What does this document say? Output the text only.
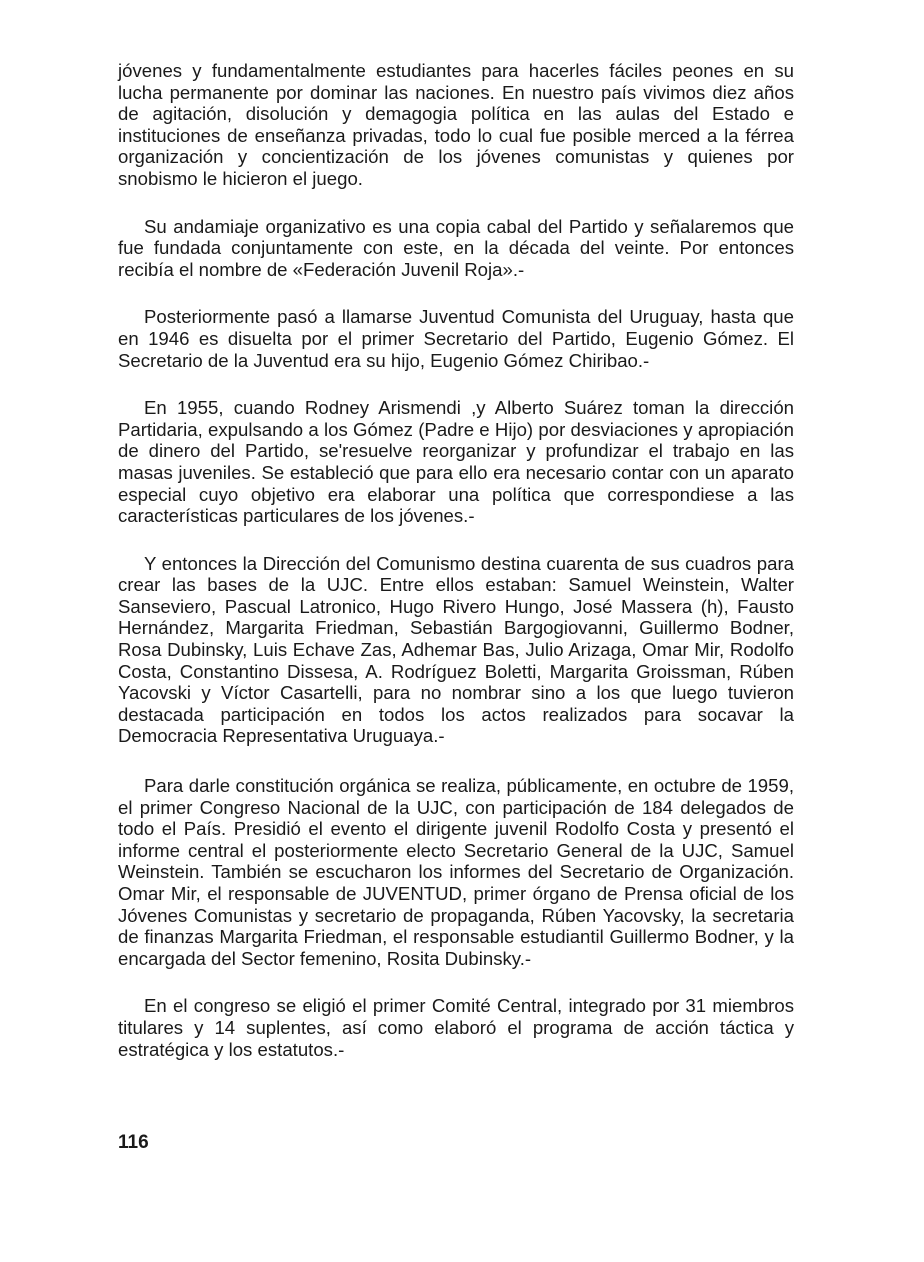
jóvenes y fundamentalmente estudiantes para hacerles fáciles peones en su lucha permanente por dominar las naciones. En nuestro país vivimos diez años de agitación, disolución y demagogia política en las aulas del Estado e instituciones de enseñanza privadas, todo lo cual fue posible merced a la férrea organización y concientización de los jóvenes comunistas y quienes por snobismo le hicieron el juego.

Su andamiaje organizativo es una copia cabal del Partido y señalaremos que fue fundada conjuntamente con este, en la década del veinte. Por entonces recibía el nombre de «Federación Juvenil Roja».-

Posteriormente pasó a llamarse Juventud Comunista del Uruguay, hasta que en 1946 es disuelta por el primer Secretario del Partido, Eugenio Gómez. El Secretario de la Juventud era su hijo, Eugenio Gómez Chiribao.-

En 1955, cuando Rodney Arismendi ,y Alberto Suárez toman la dirección Partidaria, expulsando a los Gómez (Padre e Hijo) por desviaciones y apropiación de dinero del Partido, se'resuelve reorganizar y profundizar el trabajo en las masas juveniles. Se estableció que para ello era necesario contar con un aparato especial cuyo objetivo era elaborar una política que correspondiese a las características particulares de los jóvenes.-

Y entonces la Dirección del Comunismo destina cuarenta de sus cuadros para crear las bases de la UJC. Entre ellos estaban: Samuel Weinstein, Walter Sanseviero, Pascual Latronico, Hugo Rivero Hungo, José Massera (h), Fausto Hernández, Margarita Friedman, Sebastián Bargogiovanni, Guillermo Bodner, Rosa Dubinsky, Luis Echave Zas, Adhemar Bas, Julio Arizaga, Omar Mir, Rodolfo Costa, Constantino Dissesa, A. Rodríguez Boletti, Margarita Groissman, Rúben Yacovski y Víctor Casartelli, para no nombrar sino a los que luego tuvieron destacada participación en todos los actos realizados para socavar la Democracia Representativa Uruguaya.-

Para darle constitución orgánica se realiza, públicamente, en octubre de 1959, el primer Congreso Nacional de la UJC, con participación de 184 delegados de todo el País. Presidió el evento el dirigente juvenil Rodolfo Costa y presentó el informe central el posteriormente electo Secretario General de la UJC, Samuel Weinstein. También se escucharon los informes del Secretario de Organización. Omar Mir, el responsable de JUVENTUD, primer órgano de Prensa oficial de los Jóvenes Comunistas y secretario de propaganda, Rúben Yacovsky, la secretaria de finanzas Margarita Friedman, el responsable estudiantil Guillermo Bodner, y la encargada del Sector femenino, Rosita Dubinsky.-

En el congreso se eligió el primer Comité Central, integrado por 31 miembros titulares y 14 suplentes, así como elaboró el programa de acción táctica y estratégica y los estatutos.-

116
